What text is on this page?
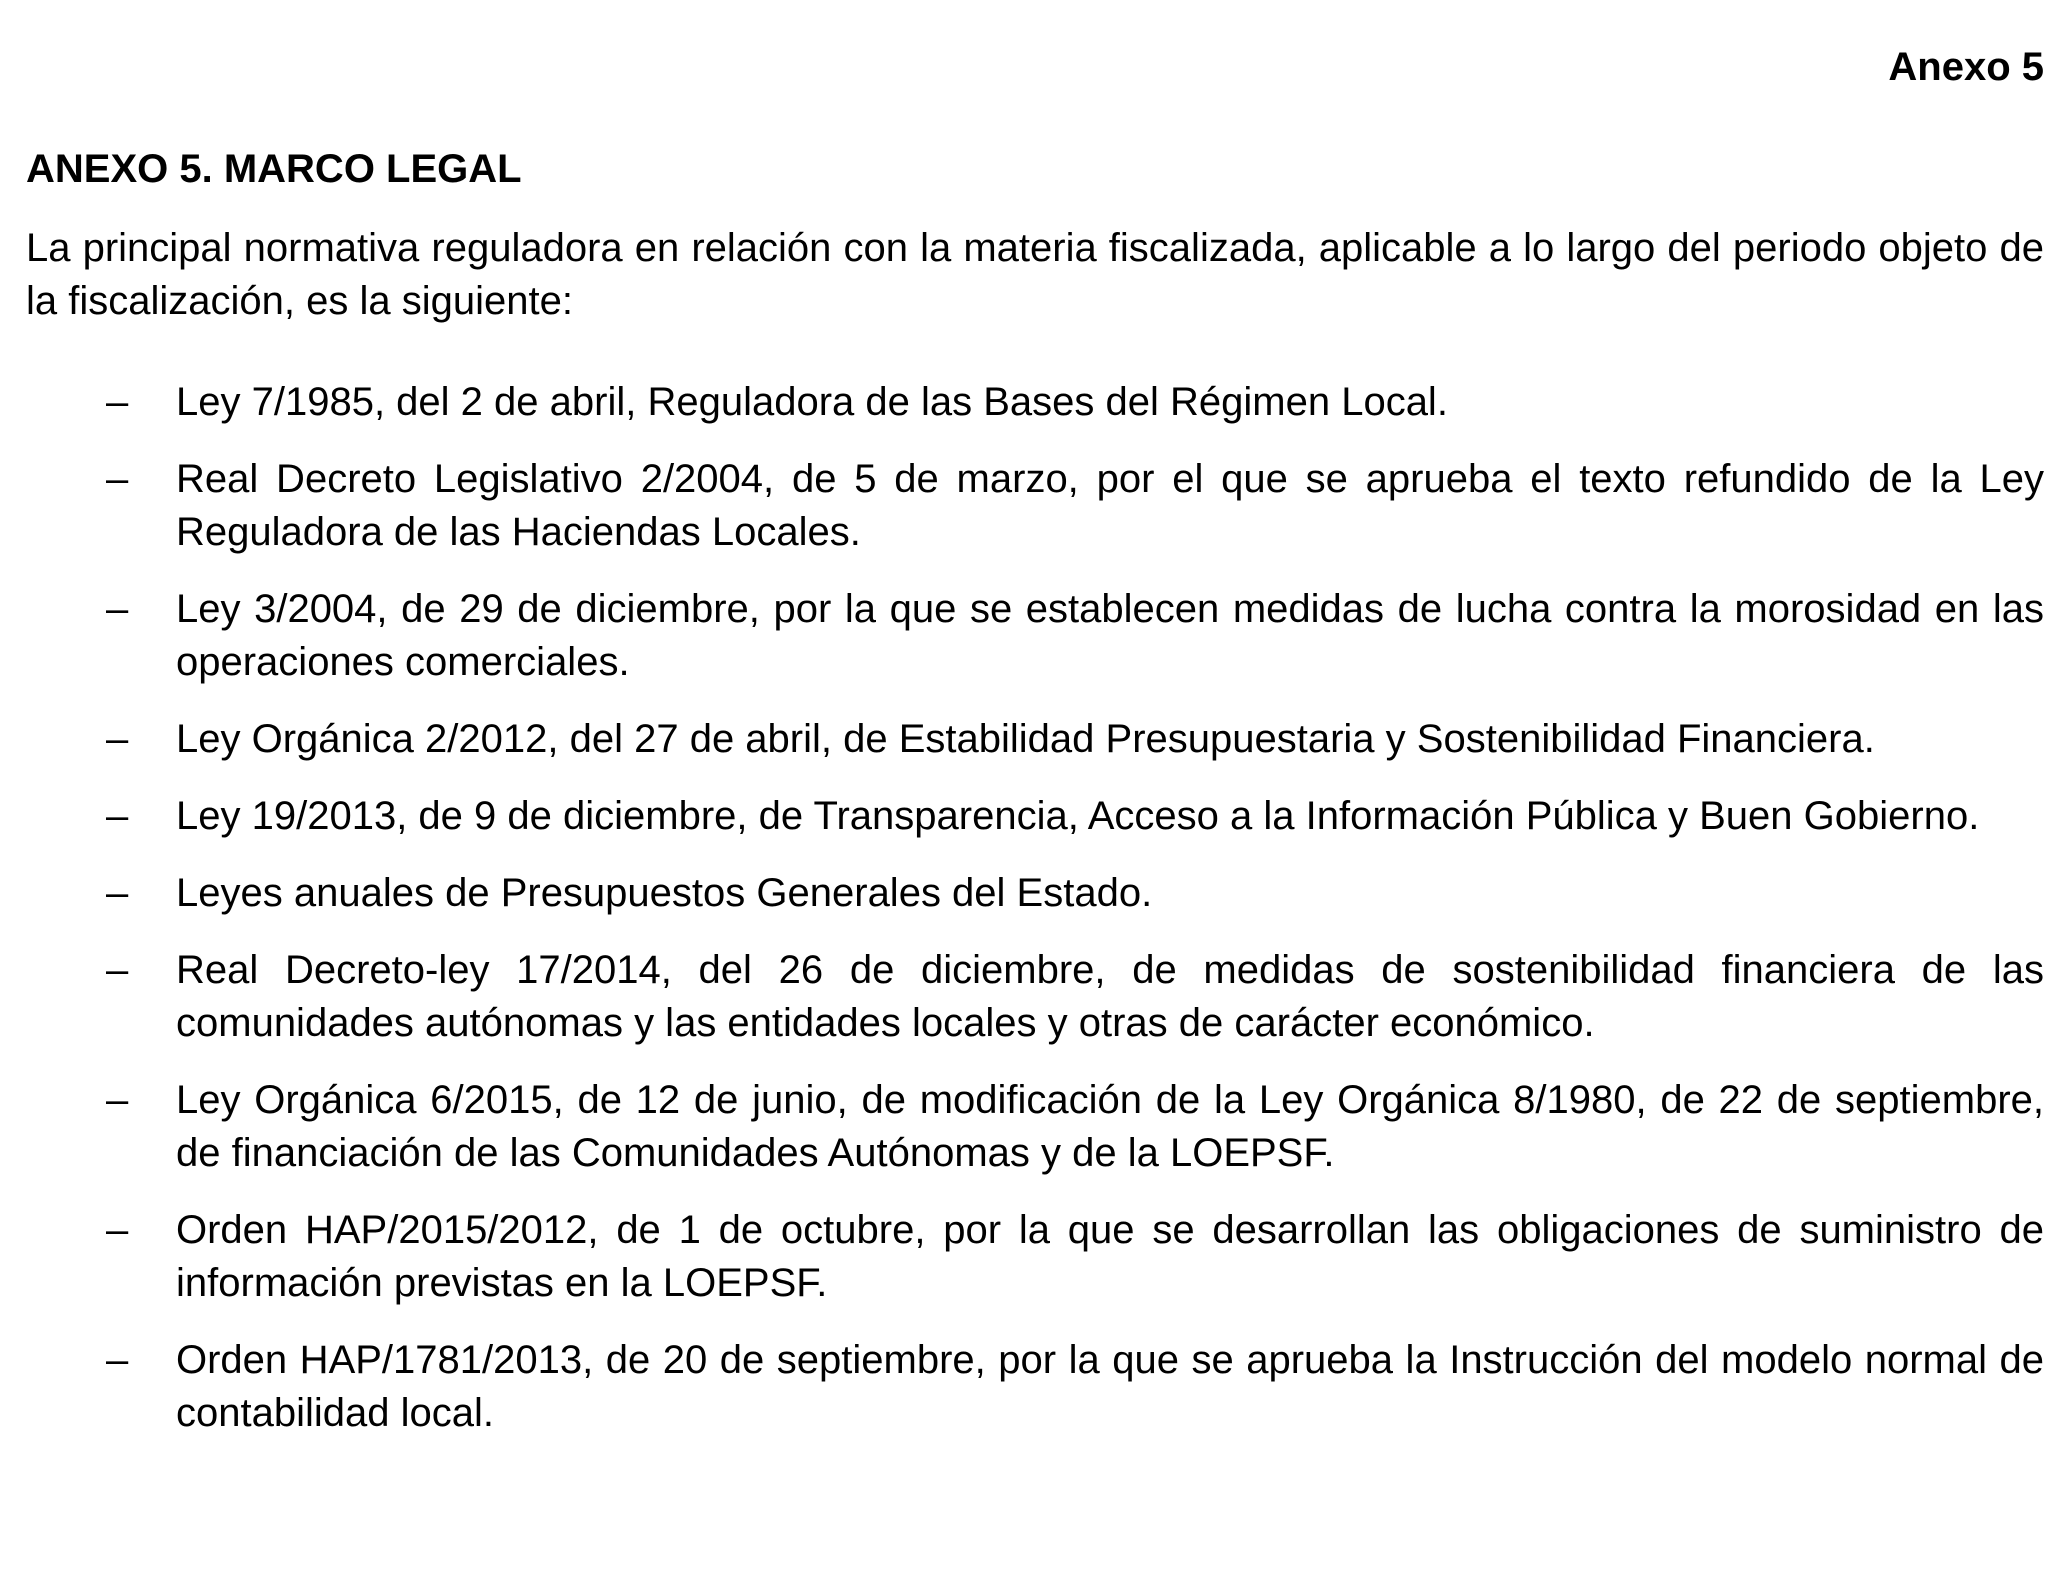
Anexo 5

ANEXO 5. MARCO LEGAL

La principal normativa reguladora en relación con la materia fiscalizada, aplicable a lo largo del periodo objeto de la fiscalización, es la siguiente:

–	Ley 7/1985, del 2 de abril, Reguladora de las Bases del Régimen Local.
–	Real Decreto Legislativo 2/2004, de 5 de marzo, por el que se aprueba el texto refundido de la Ley Reguladora de las Haciendas Locales.
–	Ley 3/2004, de 29 de diciembre, por la que se establecen medidas de lucha contra la morosidad en las operaciones comerciales.
–	Ley Orgánica 2/2012, del 27 de abril, de Estabilidad Presupuestaria y Sostenibilidad Financiera.
–	Ley 19/2013, de 9 de diciembre, de Transparencia, Acceso a la Información Pública y Buen Gobierno.
–	Leyes anuales de Presupuestos Generales del Estado.
–	Real Decreto-ley 17/2014, del 26 de diciembre, de medidas de sostenibilidad financiera de las comunidades autónomas y las entidades locales y otras de carácter económico.
–	Ley Orgánica 6/2015, de 12 de junio, de modificación de la Ley Orgánica 8/1980, de 22 de septiembre, de financiación de las Comunidades Autónomas y de la LOEPSF.
–	Orden HAP/2015/2012, de 1 de octubre, por la que se desarrollan las obligaciones de suministro de información previstas en la LOEPSF.
–	Orden HAP/1781/2013, de 20 de septiembre, por la que se aprueba la Instrucción del modelo normal de contabilidad local.
